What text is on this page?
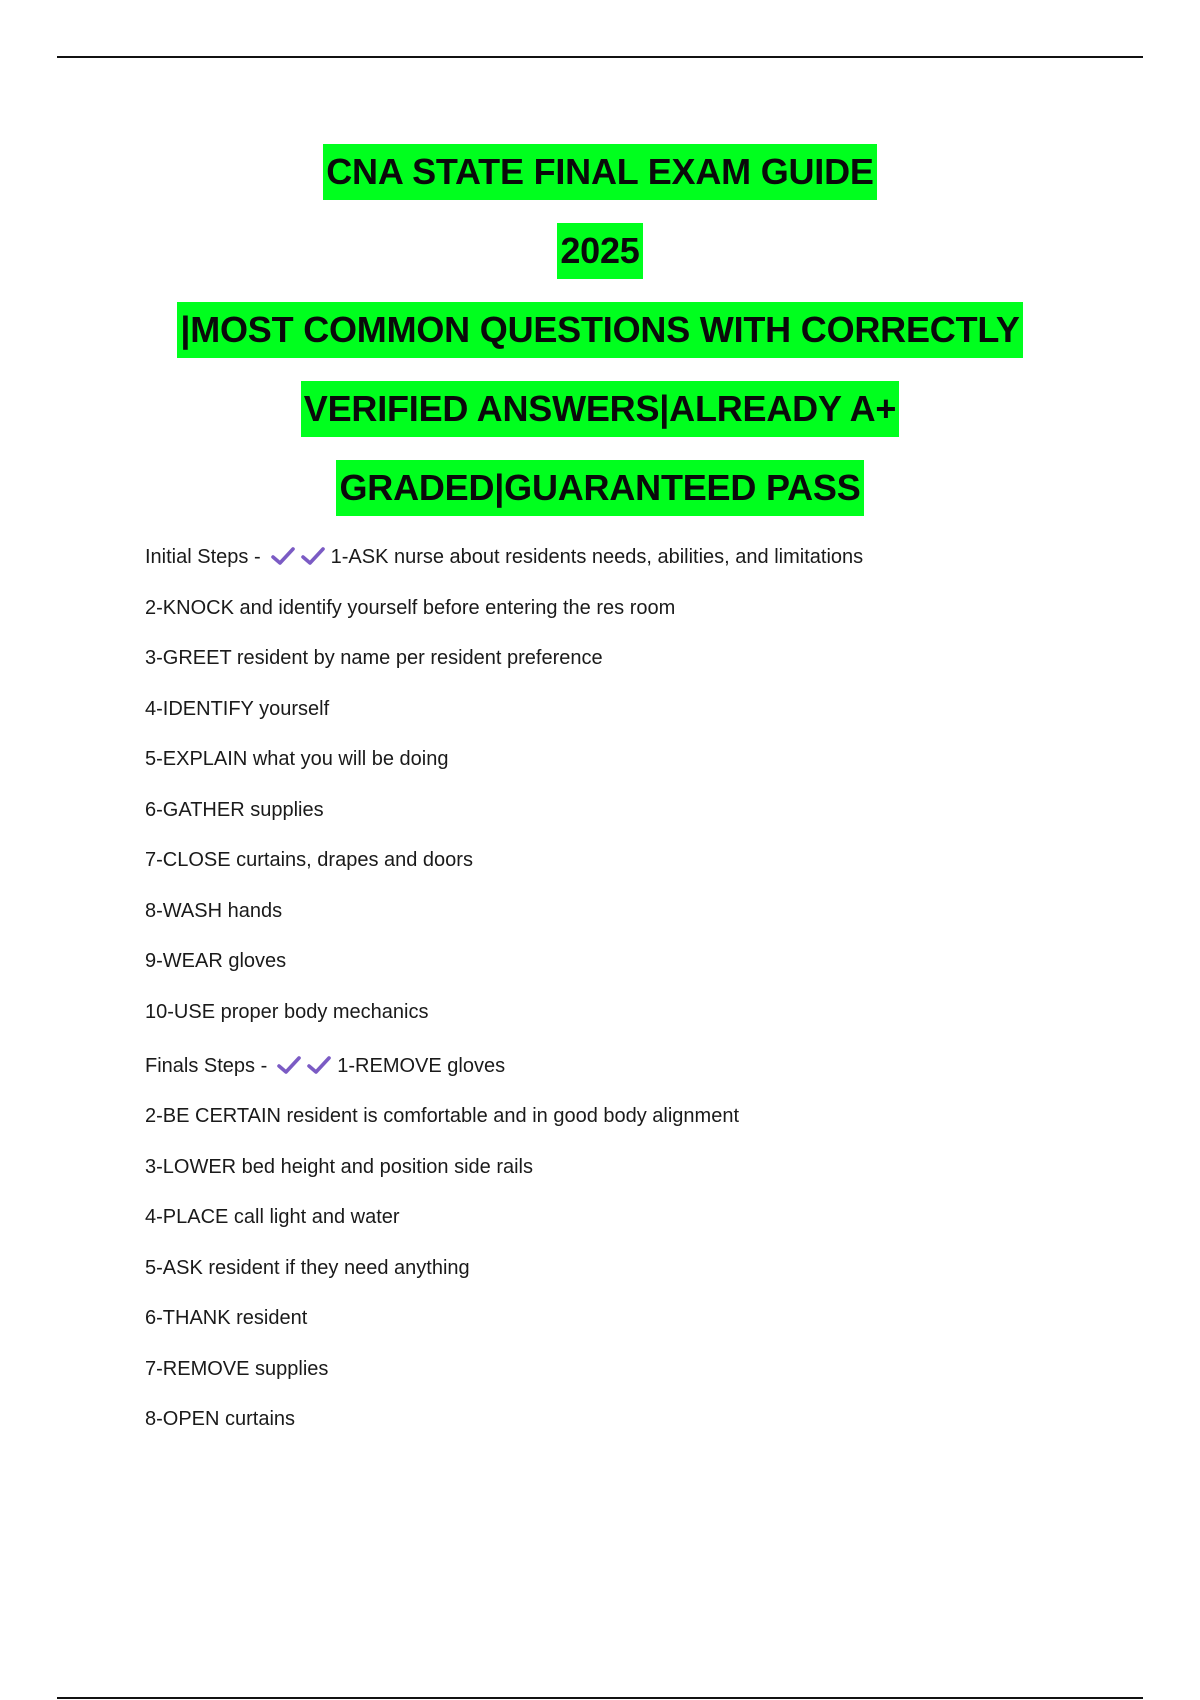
CNA STATE FINAL EXAM GUIDE
2025
|MOST COMMON QUESTIONS WITH CORRECTLY
VERIFIED ANSWERS|ALREADY A+
GRADED|GUARANTEED PASS
Initial Steps -	1-ASK nurse about residents needs, abilities, and limitations
2-KNOCK and identify yourself before entering the res room
3-GREET resident by name per resident preference
4-IDENTIFY yourself
5-EXPLAIN what you will be doing
6-GATHER supplies
7-CLOSE curtains, drapes and doors
8-WASH hands
9-WEAR gloves
10-USE proper body mechanics
Finals Steps -	1-REMOVE gloves
2-BE CERTAIN resident is comfortable and in good body alignment
3-LOWER bed height and position side rails
4-PLACE call light and water
5-ASK resident if they need anything
6-THANK resident
7-REMOVE supplies
8-OPEN curtains
